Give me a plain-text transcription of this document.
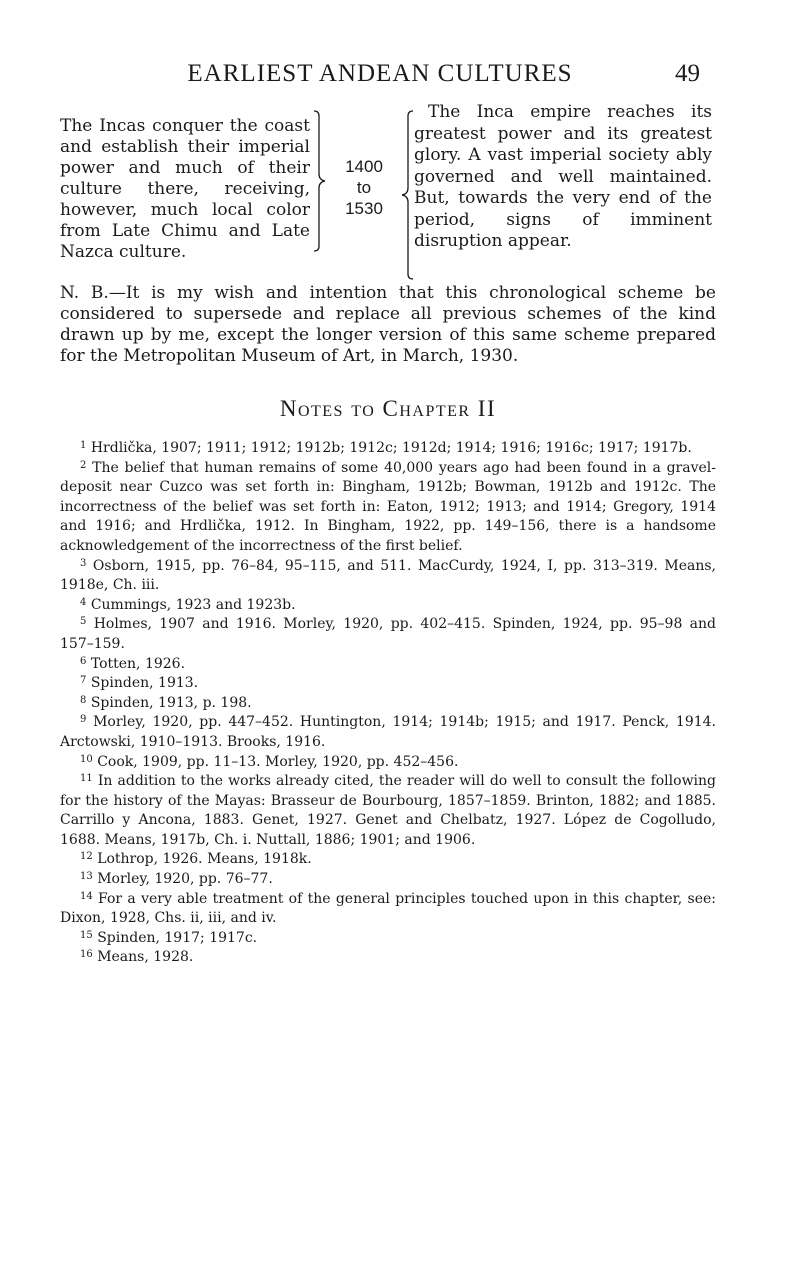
EARLIEST ANDEAN CULTURES	49

The Incas conquer the coast and establish their imperial power and much of their culture there, receiving, however, much local color from Late Chimu and Late Nazca culture.

1400
to
1530

The Inca empire reaches its greatest power and its greatest glory. A vast imperial society ably governed and well maintained. But, towards the very end of the period, signs of imminent disruption appear.

N. B.—It is my wish and intention that this chronological scheme be considered to supersede and replace all previous schemes of the kind drawn up by me, except the longer version of this same scheme prepared for the Metropolitan Museum of Art, in March, 1930.

Notes to Chapter II

$^1$ Hrdlička, 1907; 1911; 1912; 1912b; 1912c; 1912d; 1914; 1916; 1916c; 1917; 1917b.

$^2$ The belief that human remains of some 40,000 years ago had been found in a gravel-deposit near Cuzco was set forth in: Bingham, 1912b; Bowman, 1912b and 1912c. The incorrectness of the belief was set forth in: Eaton, 1912; 1913; and 1914; Gregory, 1914 and 1916; and Hrdlička, 1912. In Bingham, 1922, pp. 149–156, there is a handsome acknowledgement of the incorrectness of the first belief.

$^3$ Osborn, 1915, pp. 76–84, 95–115, and 511. MacCurdy, 1924, I, pp. 313–319. Means, 1918e, Ch. iii.

$^4$ Cummings, 1923 and 1923b.

$^5$ Holmes, 1907 and 1916. Morley, 1920, pp. 402–415. Spinden, 1924, pp. 95–98 and 157–159.

$^6$ Totten, 1926.

$^7$ Spinden, 1913.

$^8$ Spinden, 1913, p. 198.

$^9$ Morley, 1920, pp. 447–452. Huntington, 1914; 1914b; 1915; and 1917. Penck, 1914. Arctowski, 1910–1913. Brooks, 1916.

$^{10}$ Cook, 1909, pp. 11–13. Morley, 1920, pp. 452–456.

$^{11}$ In addition to the works already cited, the reader will do well to consult the following for the history of the Mayas: Brasseur de Bourbourg, 1857–1859. Brinton, 1882; and 1885. Carrillo y Ancona, 1883. Genet, 1927. Genet and Chelbatz, 1927. López de Cogolludo, 1688. Means, 1917b, Ch. i. Nuttall, 1886; 1901; and 1906.

$^{12}$ Lothrop, 1926. Means, 1918k.

$^{13}$ Morley, 1920, pp. 76–77.

$^{14}$ For a very able treatment of the general principles touched upon in this chapter, see: Dixon, 1928, Chs. ii, iii, and iv.

$^{15}$ Spinden, 1917; 1917c.

$^{16}$ Means, 1928.
